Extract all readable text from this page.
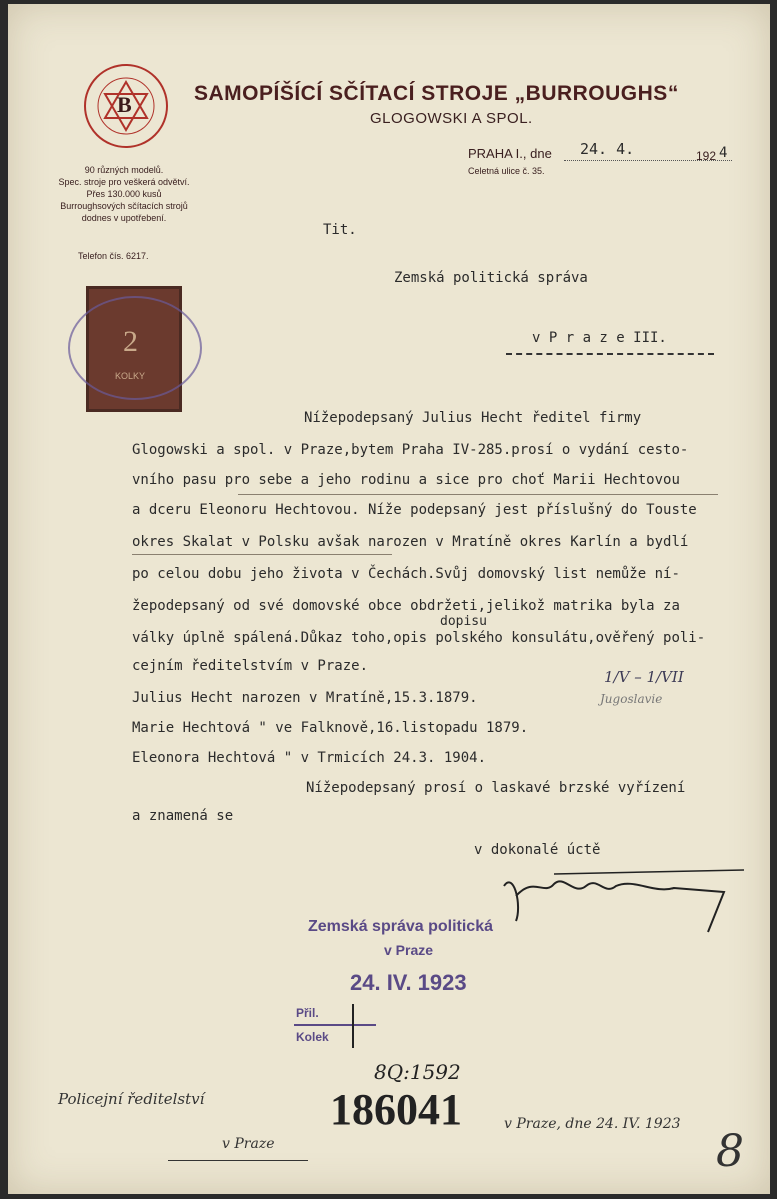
B	SAMOPÍŠÍCÍ SČÍTACÍ STROJE „BURROUGHS“
GLOGOWSKI A SPOL.
90 různých modelů.
Spec. stroje pro veškerá odvětví.
Přes 130.000 kusů
Burroughsových sčítacích strojů
dodnes v upotřebení.
Telefon čís. 6217.
PRAHA I., dne 24. 4.	192 4
Celetná ulice č. 35.
2
KOLKY
Tit.
Zemská politická správa
v P r a z e III.
Nížepodepsaný Julius Hecht ředitel firmy
Glogowski a spol. v Praze,bytem Praha IV-285.prosí o vydání cesto-
vního pasu pro sebe a jeho rodinu a sice pro choť Marii Hechtovou
a dceru Eleonoru Hechtovou. Níže podepsaný jest příslušný do Touste
okres Skalat v Polsku avšak narozen v Mratíně okres Karlín a bydlí
po celou dobu jeho života v Čechách.Svůj domovský list nemůže ní-
žepodepsaný od své domovské obce obdržeti,jelikož matrika byla za
dopisu
války úplně spálená.Důkaz toho,opis polského konsulátu,ověřený poli-
cejním ředitelstvím v Praze.
Julius Hecht narozen v Mratíně,15.3.1879.
Marie Hechtová " ve Falknově,16.listopadu 1879.
Eleonora Hechtová " v Trmicích 24.3. 1904.
1/V – 1/VII
Jugoslavie
Nížepodepsaný prosí o laskavé brzské vyřízení
a znamená se
v dokonalé úctě
Zemská správa politická
v Praze
24. IV. 1923
Přil.
Kolek
8Q:1592
186041
Policejní ředitelství
v Praze
v Praze, dne 24. IV. 1923
8
